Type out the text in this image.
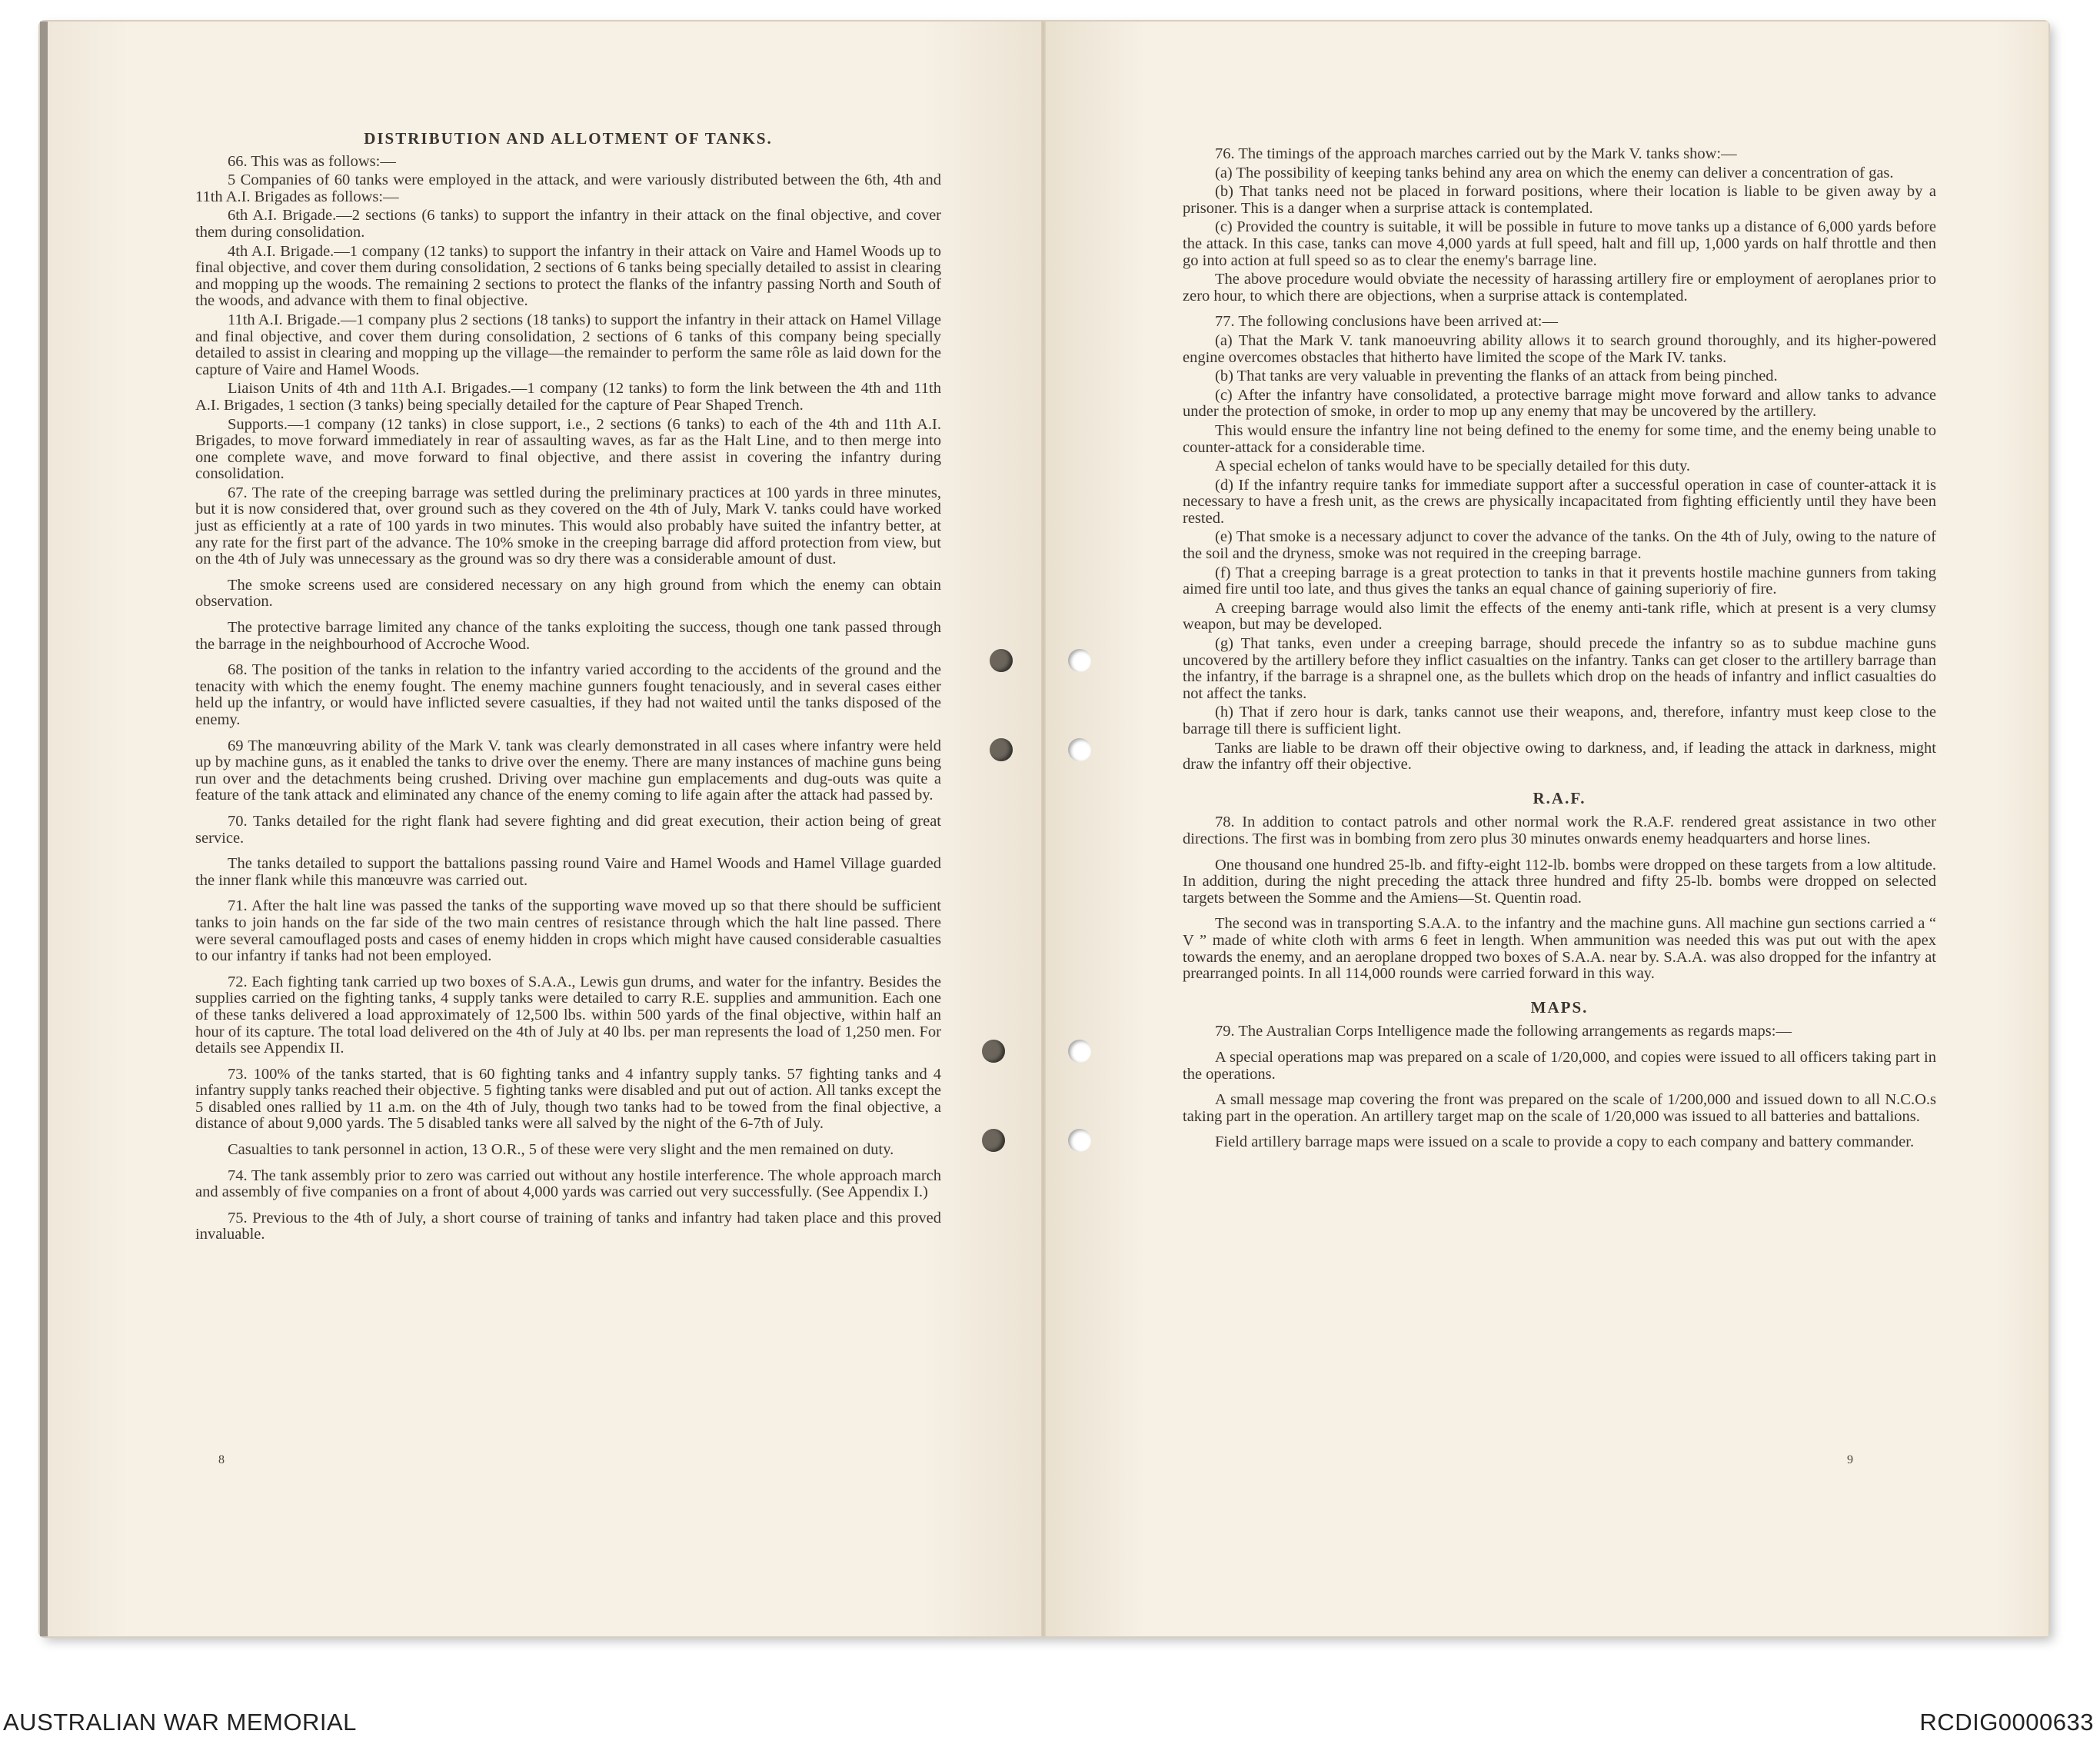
DISTRIBUTION AND ALLOTMENT OF TANKS.

66. This was as follows:—

5 Companies of 60 tanks were employed in the attack, and were variously distributed between the 6th, 4th and 11th A.I. Brigades as follows:—

6th A.I. Brigade.—2 sections (6 tanks) to support the infantry in their attack on the final objective, and cover them during consolidation.

4th A.I. Brigade.—1 company (12 tanks) to support the infantry in their attack on Vaire and Hamel Woods up to final objective, and cover them during consolidation, 2 sections of 6 tanks being specially detailed to assist in clearing and mopping up the woods. The remaining 2 sections to protect the flanks of the infantry passing North and South of the woods, and advance with them to final objective.

11th A.I. Brigade.—1 company plus 2 sections (18 tanks) to support the infantry in their attack on Hamel Village and final objective, and cover them during consolidation, 2 sections of 6 tanks of this company being specially detailed to assist in clearing and mopping up the village—the remainder to perform the same rôle as laid down for the capture of Vaire and Hamel Woods.

Liaison Units of 4th and 11th A.I. Brigades.—1 company (12 tanks) to form the link between the 4th and 11th A.I. Brigades, 1 section (3 tanks) being specially detailed for the capture of Pear Shaped Trench.

Supports.—1 company (12 tanks) in close support, i.e., 2 sections (6 tanks) to each of the 4th and 11th A.I. Brigades, to move forward immediately in rear of assaulting waves, as far as the Halt Line, and to then merge into one complete wave, and move forward to final objective, and there assist in covering the infantry during consolidation.

67. The rate of the creeping barrage was settled during the preliminary practices at 100 yards in three minutes, but it is now considered that, over ground such as they covered on the 4th of July, Mark V. tanks could have worked just as efficiently at a rate of 100 yards in two minutes. This would also probably have suited the infantry better, at any rate for the first part of the advance. The 10% smoke in the creeping barrage did afford protection from view, but on the 4th of July was unnecessary as the ground was so dry there was a considerable amount of dust.

The smoke screens used are considered necessary on any high ground from which the enemy can obtain observation.

The protective barrage limited any chance of the tanks exploiting the success, though one tank passed through the barrage in the neighbourhood of Accroche Wood.

68. The position of the tanks in relation to the infantry varied according to the accidents of the ground and the tenacity with which the enemy fought. The enemy machine gunners fought tenaciously, and in several cases either held up the infantry, or would have inflicted severe casualties, if they had not waited until the tanks disposed of the enemy.

69 The manœuvring ability of the Mark V. tank was clearly demonstrated in all cases where infantry were held up by machine guns, as it enabled the tanks to drive over the enemy. There are many instances of machine guns being run over and the detachments being crushed. Driving over machine gun emplacements and dug-outs was quite a feature of the tank attack and eliminated any chance of the enemy coming to life again after the attack had passed by.

70. Tanks detailed for the right flank had severe fighting and did great execution, their action being of great service.

The tanks detailed to support the battalions passing round Vaire and Hamel Woods and Hamel Village guarded the inner flank while this manœuvre was carried out.

71. After the halt line was passed the tanks of the supporting wave moved up so that there should be sufficient tanks to join hands on the far side of the two main centres of resistance through which the halt line passed. There were several camouflaged posts and cases of enemy hidden in crops which might have caused considerable casualties to our infantry if tanks had not been employed.

72. Each fighting tank carried up two boxes of S.A.A., Lewis gun drums, and water for the infantry. Besides the supplies carried on the fighting tanks, 4 supply tanks were detailed to carry R.E. supplies and ammunition. Each one of these tanks delivered a load approximately of 12,500 lbs. within 500 yards of the final objective, within half an hour of its capture. The total load delivered on the 4th of July at 40 lbs. per man represents the load of 1,250 men. For details see Appendix II.

73. 100% of the tanks started, that is 60 fighting tanks and 4 infantry supply tanks. 57 fighting tanks and 4 infantry supply tanks reached their objective. 5 fighting tanks were disabled and put out of action. All tanks except the 5 disabled ones rallied by 11 a.m. on the 4th of July, though two tanks had to be towed from the final objective, a distance of about 9,000 yards. The 5 disabled tanks were all salved by the night of the 6-7th of July.

Casualties to tank personnel in action, 13 O.R., 5 of these were very slight and the men remained on duty.

74. The tank assembly prior to zero was carried out without any hostile interference. The whole approach march and assembly of five companies on a front of about 4,000 yards was carried out very successfully. (See Appendix I.)

75. Previous to the 4th of July, a short course of training of tanks and infantry had taken place and this proved invaluable.

8

76. The timings of the approach marches carried out by the Mark V. tanks show:—

(a) The possibility of keeping tanks behind any area on which the enemy can deliver a concentration of gas.

(b) That tanks need not be placed in forward positions, where their location is liable to be given away by a prisoner. This is a danger when a surprise attack is contemplated.

(c) Provided the country is suitable, it will be possible in future to move tanks up a distance of 6,000 yards before the attack. In this case, tanks can move 4,000 yards at full speed, halt and fill up, 1,000 yards on half throttle and then go into action at full speed so as to clear the enemy's barrage line.

The above procedure would obviate the necessity of harassing artillery fire or employment of aeroplanes prior to zero hour, to which there are objections, when a surprise attack is contemplated.

77. The following conclusions have been arrived at:—

(a) That the Mark V. tank manoeuvring ability allows it to search ground thoroughly, and its higher-powered engine overcomes obstacles that hitherto have limited the scope of the Mark IV. tanks.

(b) That tanks are very valuable in preventing the flanks of an attack from being pinched.

(c) After the infantry have consolidated, a protective barrage might move forward and allow tanks to advance under the protection of smoke, in order to mop up any enemy that may be uncovered by the artillery.

This would ensure the infantry line not being defined to the enemy for some time, and the enemy being unable to counter-attack for a considerable time.

A special echelon of tanks would have to be specially detailed for this duty.

(d) If the infantry require tanks for immediate support after a successful operation in case of counter-attack it is necessary to have a fresh unit, as the crews are physically incapacitated from fighting efficiently until they have been rested.

(e) That smoke is a necessary adjunct to cover the advance of the tanks. On the 4th of July, owing to the nature of the soil and the dryness, smoke was not required in the creeping barrage.

(f) That a creeping barrage is a great protection to tanks in that it prevents hostile machine gunners from taking aimed fire until too late, and thus gives the tanks an equal chance of gaining superioriy of fire.

A creeping barrage would also limit the effects of the enemy anti-tank rifle, which at present is a very clumsy weapon, but may be developed.

(g) That tanks, even under a creeping barrage, should precede the infantry so as to subdue machine guns uncovered by the artillery before they inflict casualties on the infantry. Tanks can get closer to the artillery barrage than the infantry, if the barrage is a shrapnel one, as the bullets which drop on the heads of infantry and inflict casualties do not affect the tanks.

(h) That if zero hour is dark, tanks cannot use their weapons, and, therefore, infantry must keep close to the barrage till there is sufficient light.

Tanks are liable to be drawn off their objective owing to darkness, and, if leading the attack in darkness, might draw the infantry off their objective.

R.A.F.

78. In addition to contact patrols and other normal work the R.A.F. rendered great assistance in two other directions. The first was in bombing from zero plus 30 minutes onwards enemy headquarters and horse lines.

One thousand one hundred 25-lb. and fifty-eight 112-lb. bombs were dropped on these targets from a low altitude. In addition, during the night preceding the attack three hundred and fifty 25-lb. bombs were dropped on selected targets between the Somme and the Amiens—St. Quentin road.

The second was in transporting S.A.A. to the infantry and the machine guns. All machine gun sections carried a “ V ” made of white cloth with arms 6 feet in length. When ammunition was needed this was put out with the apex towards the enemy, and an aeroplane dropped two boxes of S.A.A. near by. S.A.A. was also dropped for the infantry at prearranged points. In all 114,000 rounds were carried forward in this way.

MAPS.

79. The Australian Corps Intelligence made the following arrangements as regards maps:—

A special operations map was prepared on a scale of 1/20,000, and copies were issued to all officers taking part in the operations.

A small message map covering the front was prepared on the scale of 1/200,000 and issued down to all N.C.O.s taking part in the operation. An artillery target map on the scale of 1/20,000 was issued to all batteries and battalions.

Field artillery barrage maps were issued on a scale to provide a copy to each company and battery commander.

9
AUSTRALIAN WAR MEMORIAL	RCDIG0000633
